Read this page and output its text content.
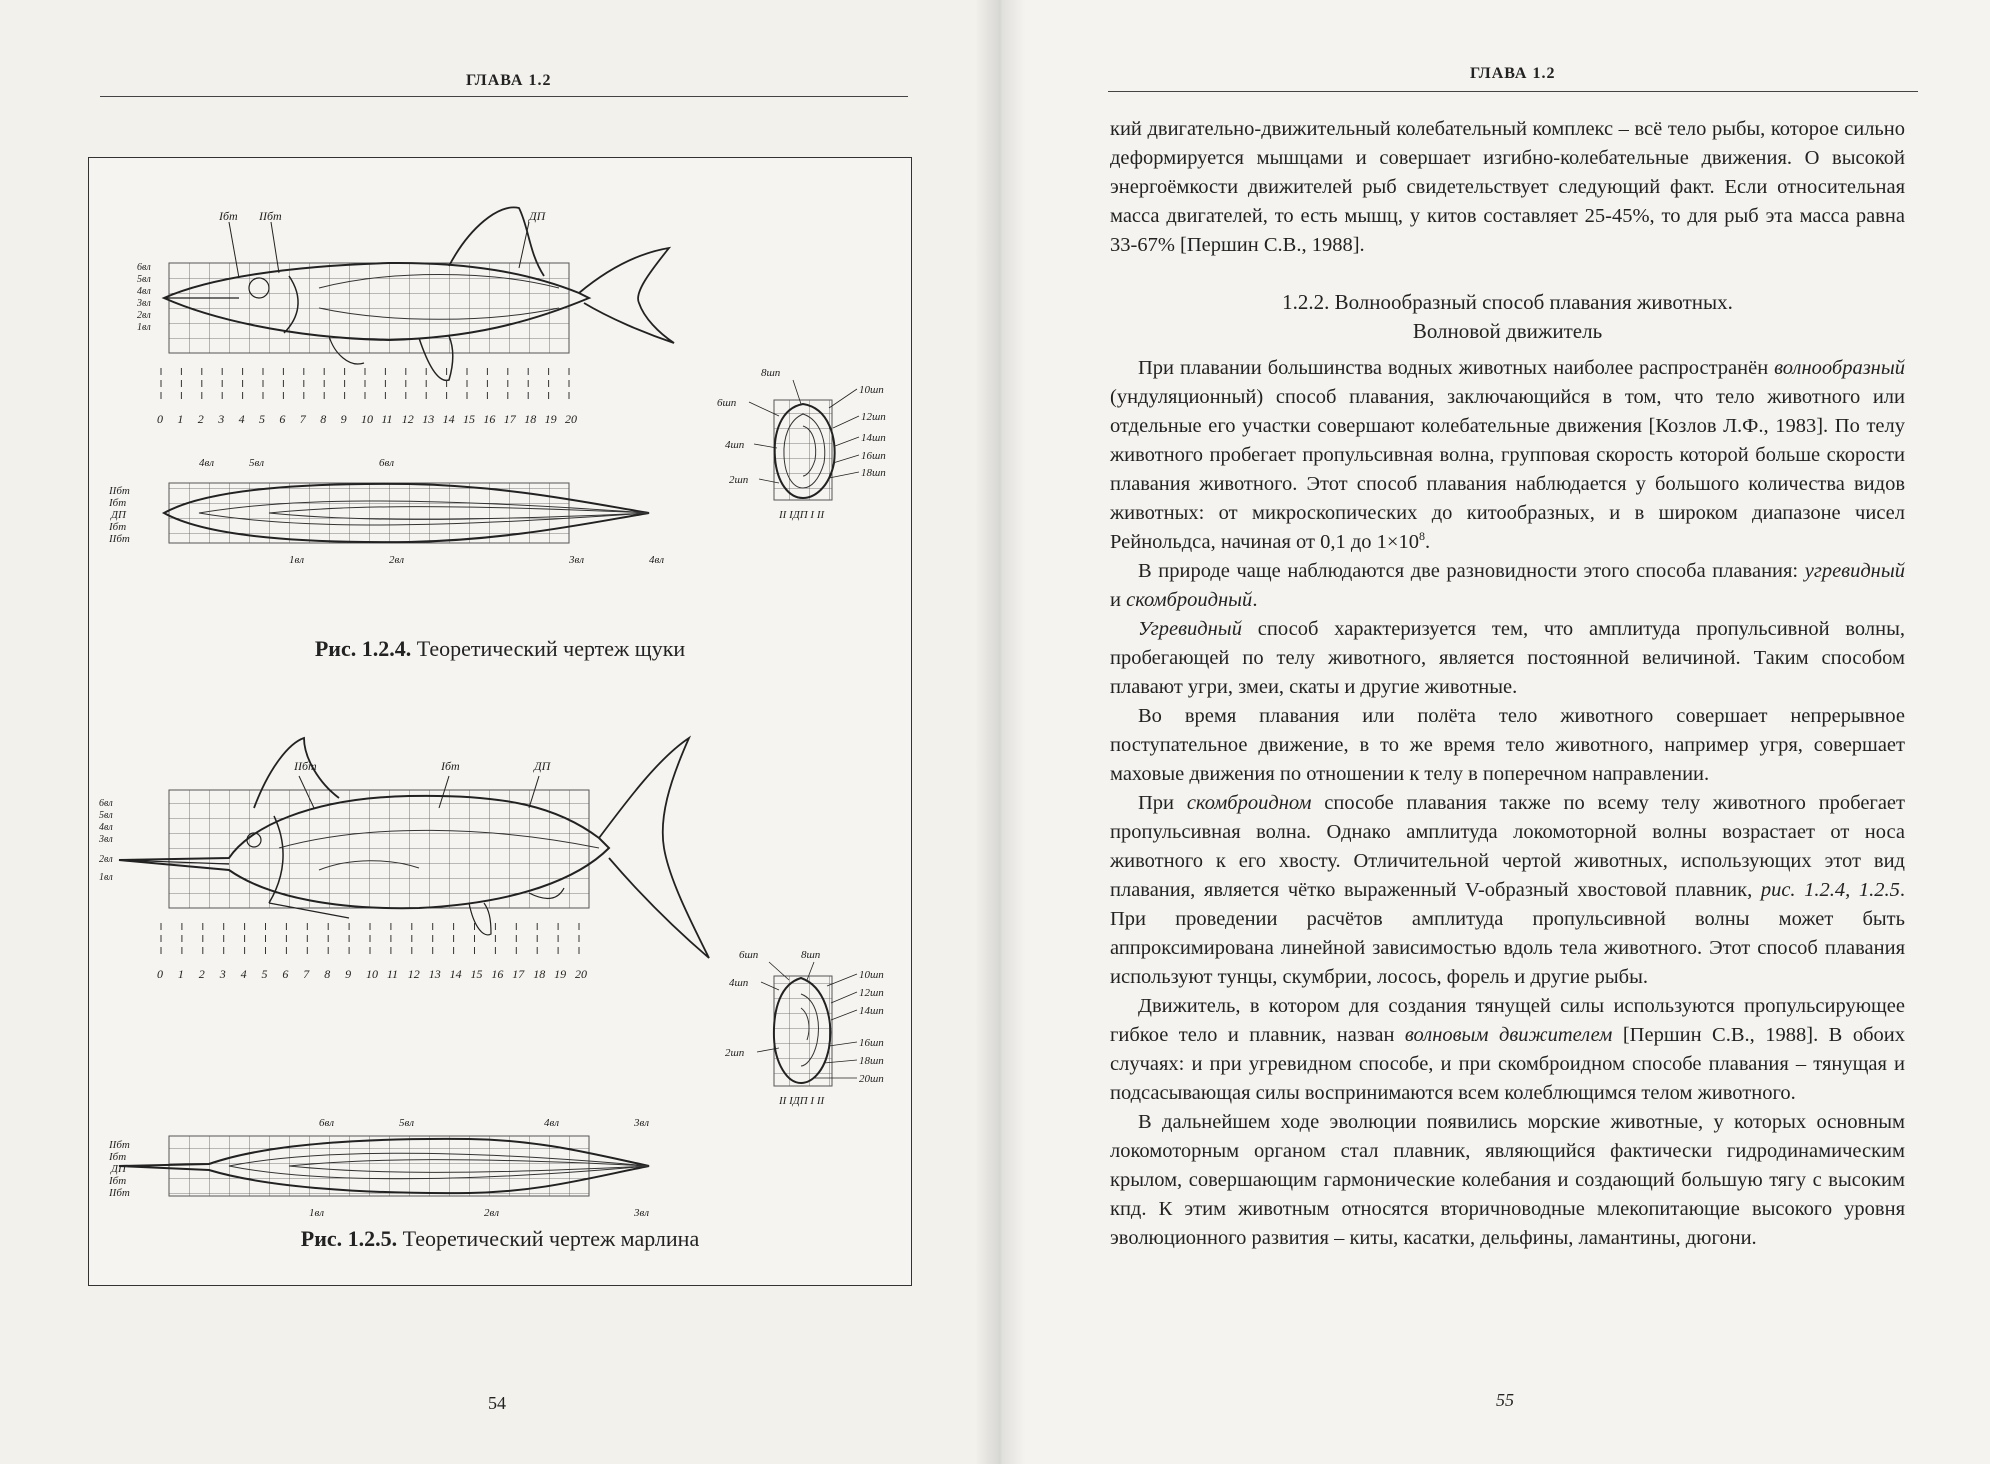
ГЛАВА 1.2
Iбт IIбт	ДП
6вл
5вл
4вл
3вл
2вл
1вл
0 1 2 3 4 5 6 7 8 9 10 11 12 13 14 15 16 17 18 19 20
8шп
10шп
6шп
12шп
14шп
4шп
16шп
18шп
2шп
II IДП I II
4вл	5вл	6вл
IIбт
Iбт
ДП
Iбт
IIбт
1вл	2вл	3вл	4вл
IIбт	Iбт	ДП
6вл
5вл
4вл
3вл
2вл
1вл
0 1 2 3 4 5 6 7 8 9 10 11 12 13 14 15 16 17 18 19 20
6шп	8шп
4шп
10шп
12шп
14шп
2шп
16шп
18шп
20шп
II IДП I II
6вл	5вл	4вл	3вл
IIбт
Iбт
ДП
Iбт
IIбт
1вл	2вл	3вл
Рис. 1.2.4. Теоретический чертеж щуки
Рис. 1.2.5. Теоретический чертеж марлина
54
ГЛАВА 1.2

кий двигательно-движительный колебательный комплекс – всё тело рыбы, которое сильно деформируется мышцами и совершает изгибно-колебательные движения. О высокой энергоёмкости движителей рыб свидетельствует следующий факт. Если относительная масса двигателей, то есть мышц, у китов составляет 25-45%, то для рыб эта масса равна 33-67% [Першин С.В., 1988].

1.2.2. Волнообразный способ плавания животных.
Волновой движитель

При плавании большинства водных животных наиболее распространён волнообразный (ундуляционный) способ плавания, заключающийся в том, что тело животного или отдельные его участки совершают колебательные движения [Козлов Л.Ф., 1983]. По телу животного пробегает пропульсивная волна, групповая скорость которой больше скорости плавания животного. Этот способ плавания наблюдается у большого количества видов животных: от микроскопических до китообразных, и в широком диапазоне чисел Рейнольдса, начиная от 0,1 до $1\times 10^8$.

В природе чаще наблюдаются две разновидности этого способа плавания: угревидный и скомброидный.

Угревидный способ характеризуется тем, что амплитуда пропульсивной волны, пробегающей по телу животного, является постоянной величиной. Таким способом плавают угри, змеи, скаты и другие животные.

Во время плавания или полёта тело животного совершает непрерывное поступательное движение, в то же время тело животного, например угря, совершает маховые движения по отношении к телу в поперечном направлении.

При скомброидном способе плавания также по всему телу животного пробегает пропульсивная волна. Однако амплитуда локомоторной волны возрастает от носа животного к его хвосту. Отличительной чертой животных, использующих этот вид плавания, является чётко выраженный V-образный хвостовой плавник, рис. 1.2.4, 1.2.5. При проведении расчётов амплитуда пропульсивной волны может быть аппроксимирована линейной зависимостью вдоль тела животного. Этот способ плавания используют тунцы, скумбрии, лосось, форель и другие рыбы.

Движитель, в котором для создания тянущей силы используются пропульсирующее гибкое тело и плавник, назван волновым движителем [Першин С.В., 1988]. В обоих случаях: и при угревидном способе, и при скомброидном способе плавания – тянущая и подсасывающая силы воспринимаются всем колеблющимся телом животного.

В дальнейшем ходе эволюции появились морские животные, у которых основным локомоторным органом стал плавник, являющийся фактически гидродинамическим крылом, совершающим гармонические колебания и создающий большую тягу с высоким кпд. К этим животным относятся вторичноводные млекопитающие высокого уровня эволюционного развития – киты, касатки, дельфины, ламантины, дюгони.

55
